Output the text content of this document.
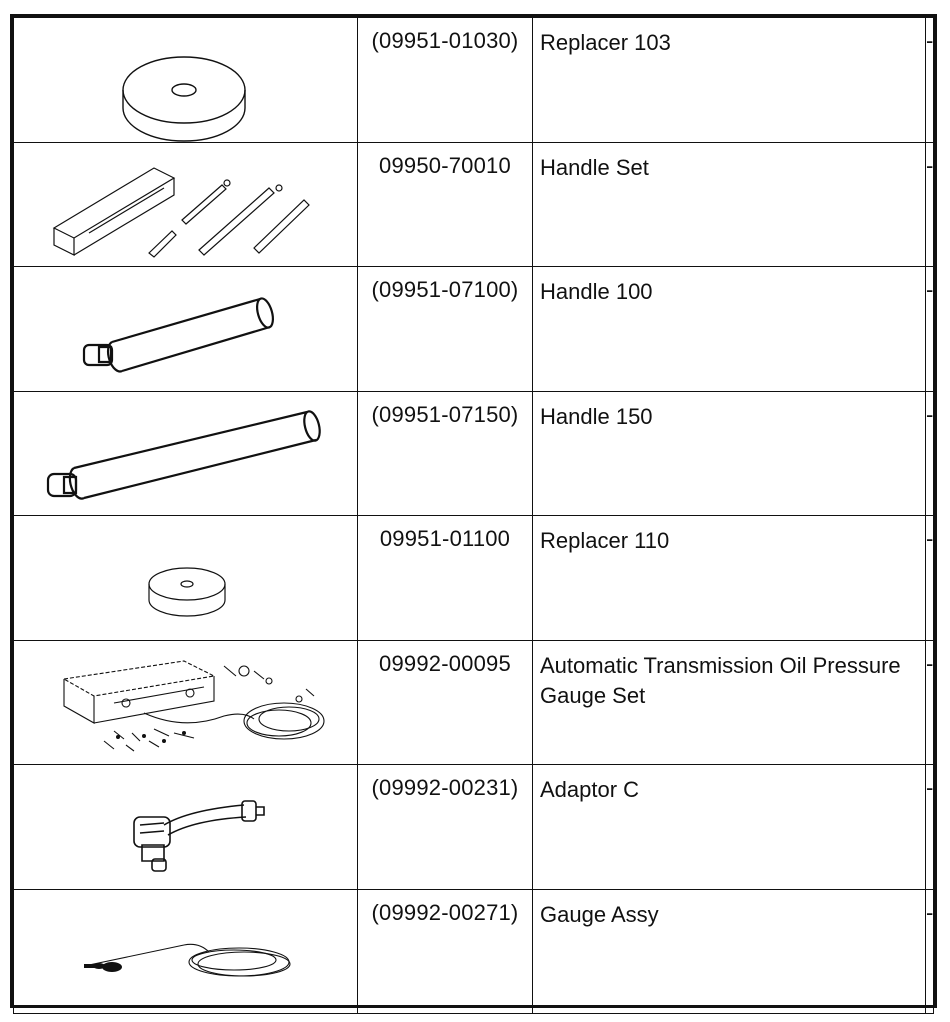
	(09951-01030)	Replacer 103	-

	09950-70010	Handle Set	-

	(09951-07100)	Handle 100	-

	(09951-07150)	Handle 150	-

	09951-01100	Replacer 110	-

	09992-00095	Automatic Transmission Oil Pressure Gauge Set	-

	(09992-00231)	Adaptor C	-

	(09992-00271)	Gauge Assy	-
